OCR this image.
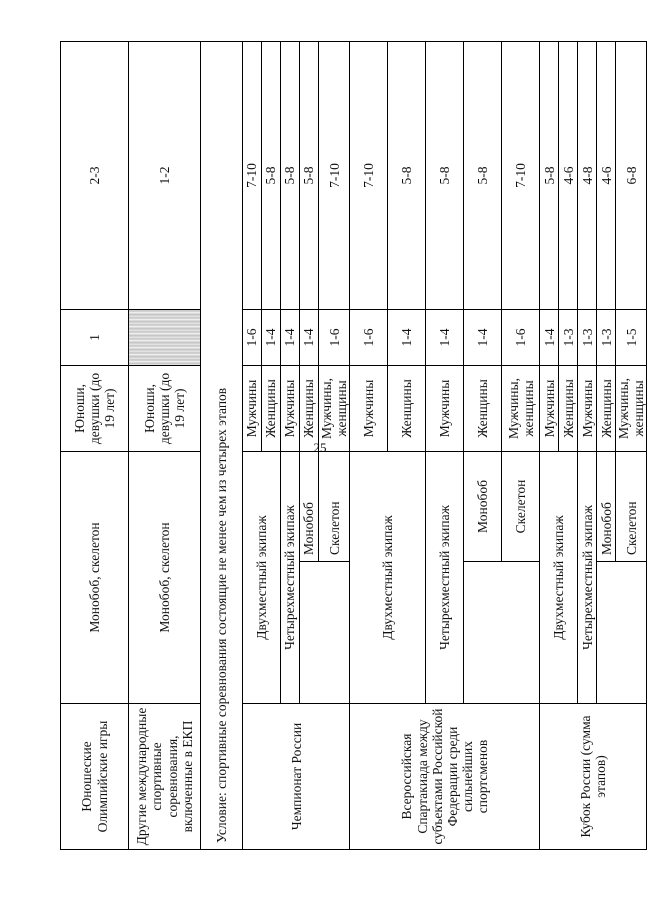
25
Юношеские Олимпийские игры	Монобоб, скелетон		Юноши, девушки (до 19 лет)	1	2-3	
Другие международные спортивные соревнования, включенные в ЕКП	Монобоб, скелетон		Юноши, девушки (до 19 лет)		1-2	
Условие: спортивные соревнования состоящие не менее чем из четырех этапов						
Чемпионат России	Двухместный экипаж		Мужчины	1-6	7-10	
			Женщины	1-4	5-8	
	Четырехместный экипаж		Мужчины	1-4	5-8	
		Монобоб	Женщины	1-4	5-8	
		Скелетон	Мужчины, женщины	1-6	7-10	
Всероссийская Спартакиада между субъектами Российской Федерации среди сильнейших спортсменов	Двухместный экипаж		Мужчины	1-6	7-10	
			Женщины	1-4	5-8	
	Четырехместный экипаж		Мужчины	1-4	5-8	
		Монобоб	Женщины	1-4	5-8	
		Скелетон	Мужчины, женщины	1-6	7-10	
Кубок России (сумма этапов)	Двухместный экипаж		Мужчины	1-4	5-8	
			Женщины	1-3	4-6	
	Четырехместный экипаж		Мужчины	1-3	4-8	
		Монобоб	Женщины	1-3	4-6	
		Скелетон	Мужчины, женщины	1-5	6-8	
